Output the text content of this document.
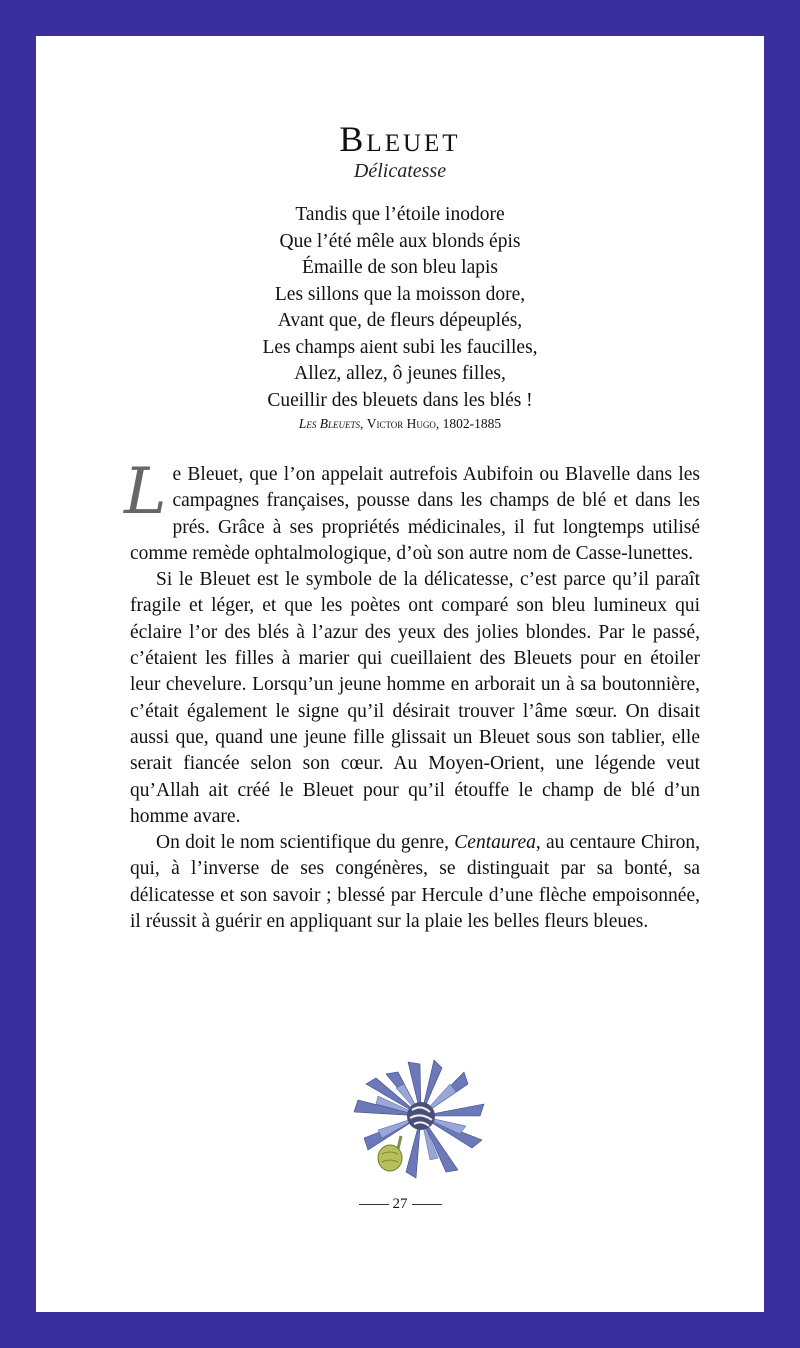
Bleuet
Délicatesse
Tandis que l’étoile inodore
Que l’été mêle aux blonds épis
Émaille de son bleu lapis
Les sillons que la moisson dore,
Avant que, de fleurs dépeuplés,
Les champs aient subi les faucilles,
Allez, allez, ô jeunes filles,
Cueillir des bleuets dans les blés !
Les Bleuets, Victor Hugo, 1802-1885

Le Bleuet, que l’on appelait autrefois Aubifoin ou Blavelle dans les campagnes françaises, pousse dans les champs de blé et dans les prés. Grâce à ses propriétés médicinales, il fut longtemps utilisé comme remède ophtalmologique, d’où son autre nom de Casse-lunettes.

Si le Bleuet est le symbole de la délicatesse, c’est parce qu’il paraît fragile et léger, et que les poètes ont comparé son bleu lumineux qui éclaire l’or des blés à l’azur des yeux des jolies blondes. Par le passé, c’étaient les filles à marier qui cueillaient des Bleuets pour en étoiler leur chevelure. Lorsqu’un jeune homme en arborait un à sa boutonnière, c’était également le signe qu’il désirait trouver l’âme sœur. On disait aussi que, quand une jeune fille glissait un Bleuet sous son tablier, elle serait fiancée selon son cœur. Au Moyen-Orient, une légende veut qu’Allah ait créé le Bleuet pour qu’il étouffe le champ de blé d’un homme avare.

On doit le nom scientifique du genre, Centaurea, au centaure Chiron, qui, à l’inverse de ses congénères, se distinguait par sa bonté, sa délicatesse et son savoir ; blessé par Hercule d’une flèche empoisonnée, il réussit à guérir en appliquant sur la plaie les belles fleurs bleues.

27
